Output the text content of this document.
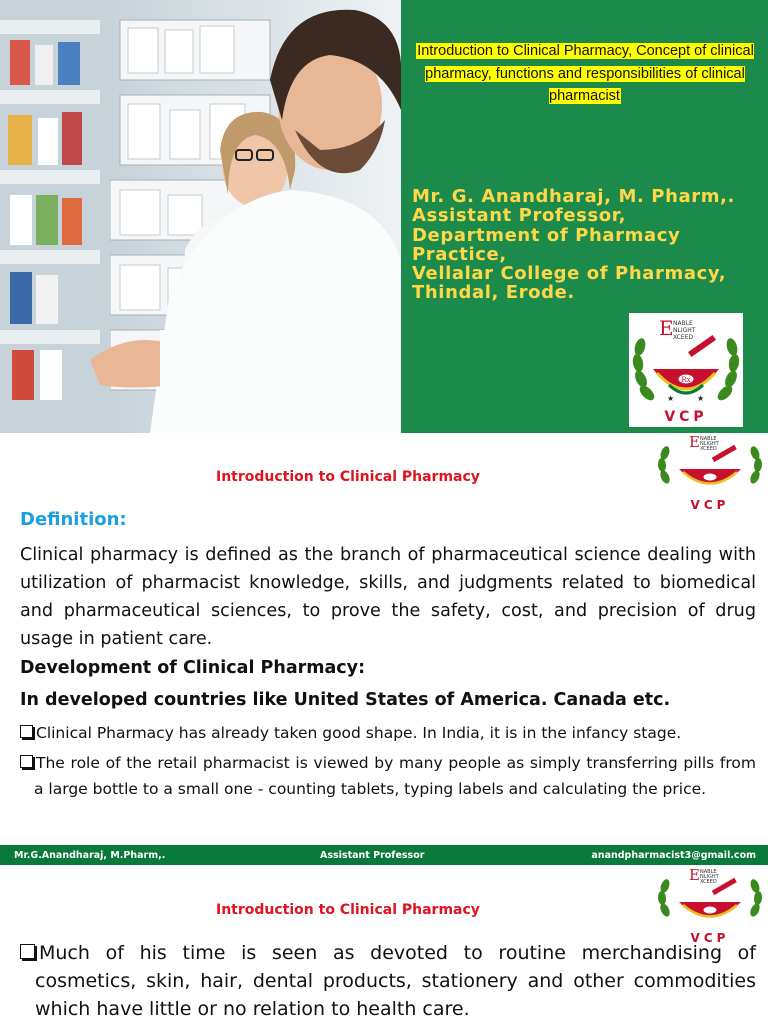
Introduction to Clinical Pharmacy, Concept of clinical pharmacy, functions and responsibilities of clinical pharmacist
Mr. G. Anandharaj, M. Pharm,.
Assistant Professor,
Department of Pharmacy Practice,
Vellalar College of Pharmacy,
Thindal, Erode.
Rx
E NABLE
NLIGHT
XCEED
★	★
VCP
E NABLE
NLIGHT
XCEED
VCP
Introduction to Clinical Pharmacy
Definition:
Clinical pharmacy is defined as the branch of pharmaceutical science dealing with utilization of pharmacist knowledge, skills, and judgments related to biomedical and pharmaceutical sciences, to prove the safety, cost, and precision of drug usage in patient care.
Development of Clinical Pharmacy:
In developed countries like United States of America. Canada etc.
Clinical Pharmacy has already taken good shape. In India, it is in the infancy stage.
The role of the retail pharmacist is viewed by many people as simply transferring pills from a large bottle to a small one - counting tablets, typing labels and calculating the price.
Mr.G.Anandharaj, M.Pharm,.	Assistant Professor	anandpharmacist3@gmail.com
E NABLE
NLIGHT
XCEED
VCP
Introduction to Clinical Pharmacy
Much of his time is seen as devoted to routine merchandising of cosmetics, skin, hair, dental products, stationery and other commodities which have little or no relation to health care.
